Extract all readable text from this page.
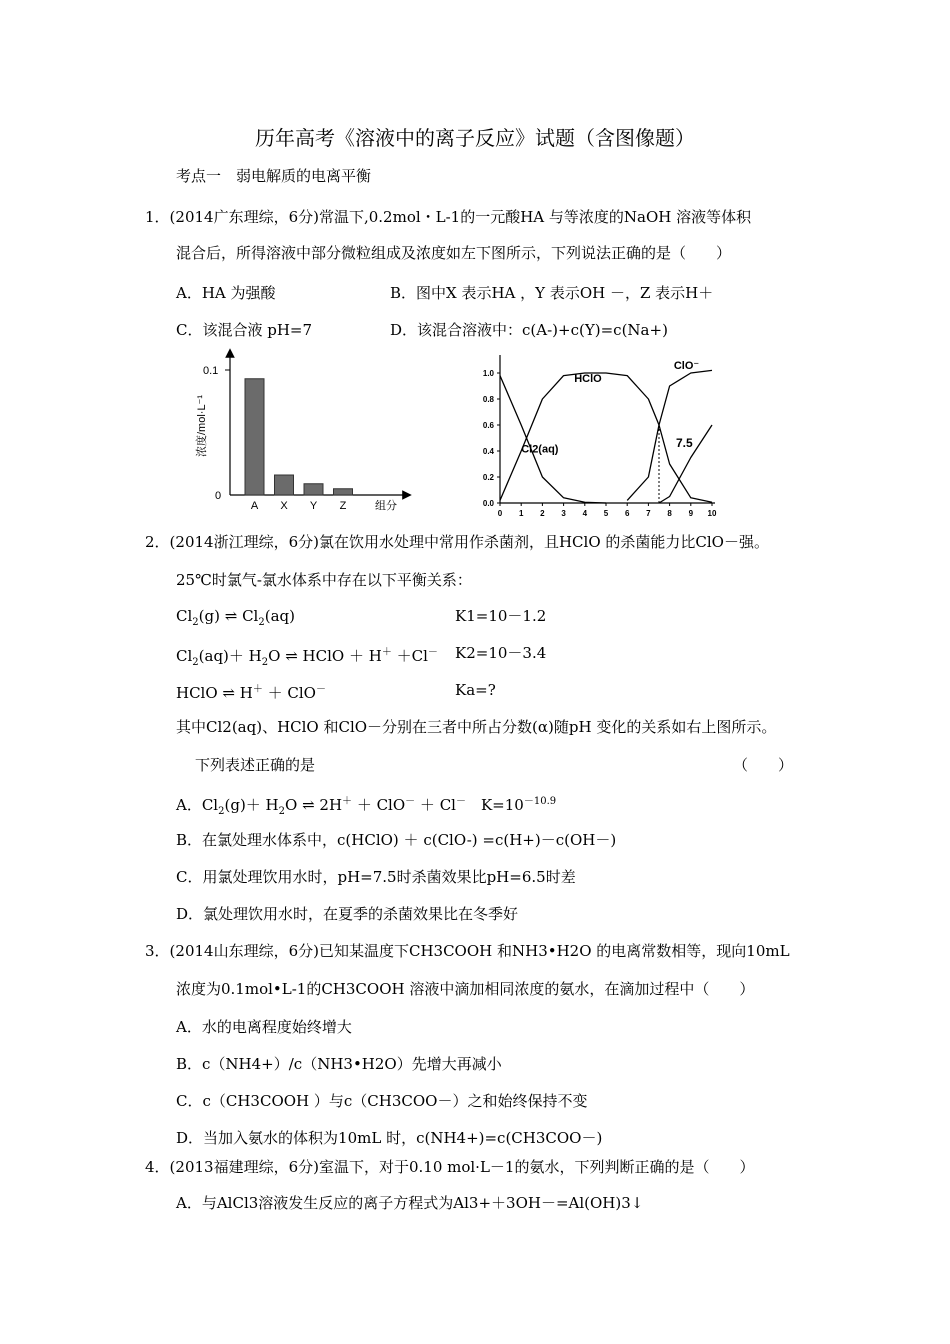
历年高考《溶液中的离子反应》试题（含图像题）
考点一　弱电解质的电离平衡
1．(2014广东理综，6分)常温下,0.2mol・L-1的一元酸HA 与等浓度的NaOH 溶液等体积
混合后，所得溶液中部分微粒组成及浓度如左下图所示，下列说法正确的是（　　）
A．HA 为强酸	B．图中X 表示HA ，Y 表示OH －，Z 表示H＋
C．该混合液 pH=7	D．该混合溶液中：c(A-)+c(Y)=c(Na+)
0.1
0
浓度/mol·L⁻¹
组分
A X Y Z
0 1 2 3 4 5 6 7 8 9 10
0.0
0.2
0.4
0.6
0.8
1.0	HClO
ClO⁻
Cl2(aq)	7.5
2．(2014浙江理综，6分)氯在饮用水处理中常用作杀菌剂，且HClO 的杀菌能力比ClO－强。
25℃时氯气-氯水体系中存在以下平衡关系：
$Cl_2(g)$ ⇌ $Cl_2(aq)$	K1=10－1.2
$Cl_2(aq)+ H_2O$ ⇌ HClO ＋ H＋ ＋Cl－ K2=10－3.4
HClO ⇌ H＋ ＋ ClO－	Ka=?
其中Cl2(aq)、HClO 和ClO－分别在三者中所占分数(α)随pH 变化的关系如右上图所示。
下列表述正确的是	（　　）
A．$Cl_2(g)+ H_2O$ ⇌ 2H＋ ＋ ClO－ ＋ Cl－　$K=10^{-10.9}$
B．在氯处理水体系中，c(HClO) ＋ c(ClO-) =c(H+)－c(OH－)
C．用氯处理饮用水时，pH=7.5时杀菌效果比pH=6.5时差
D．氯处理饮用水时，在夏季的杀菌效果比在冬季好
3．(2014山东理综，6分)已知某温度下CH3COOH 和NH3•H2O 的电离常数相等，现向10mL
浓度为0.1mol•L-1的CH3COOH 溶液中滴加相同浓度的氨水，在滴加过程中（　　）
A．水的电离程度始终增大
B．c（NH4+）/c（NH3•H2O）先增大再减小
C．c（CH3COOH ）与c（CH3COO－）之和始终保持不变
D．当加入氨水的体积为10mL 时，c(NH4+)=c(CH3COO－)
4．(2013福建理综，6分)室温下，对于0.10 mol·L－1的氨水，下列判断正确的是（　　）
A．与AlCl3溶液发生反应的离子方程式为Al3+＋3OH－=Al(OH)3↓
